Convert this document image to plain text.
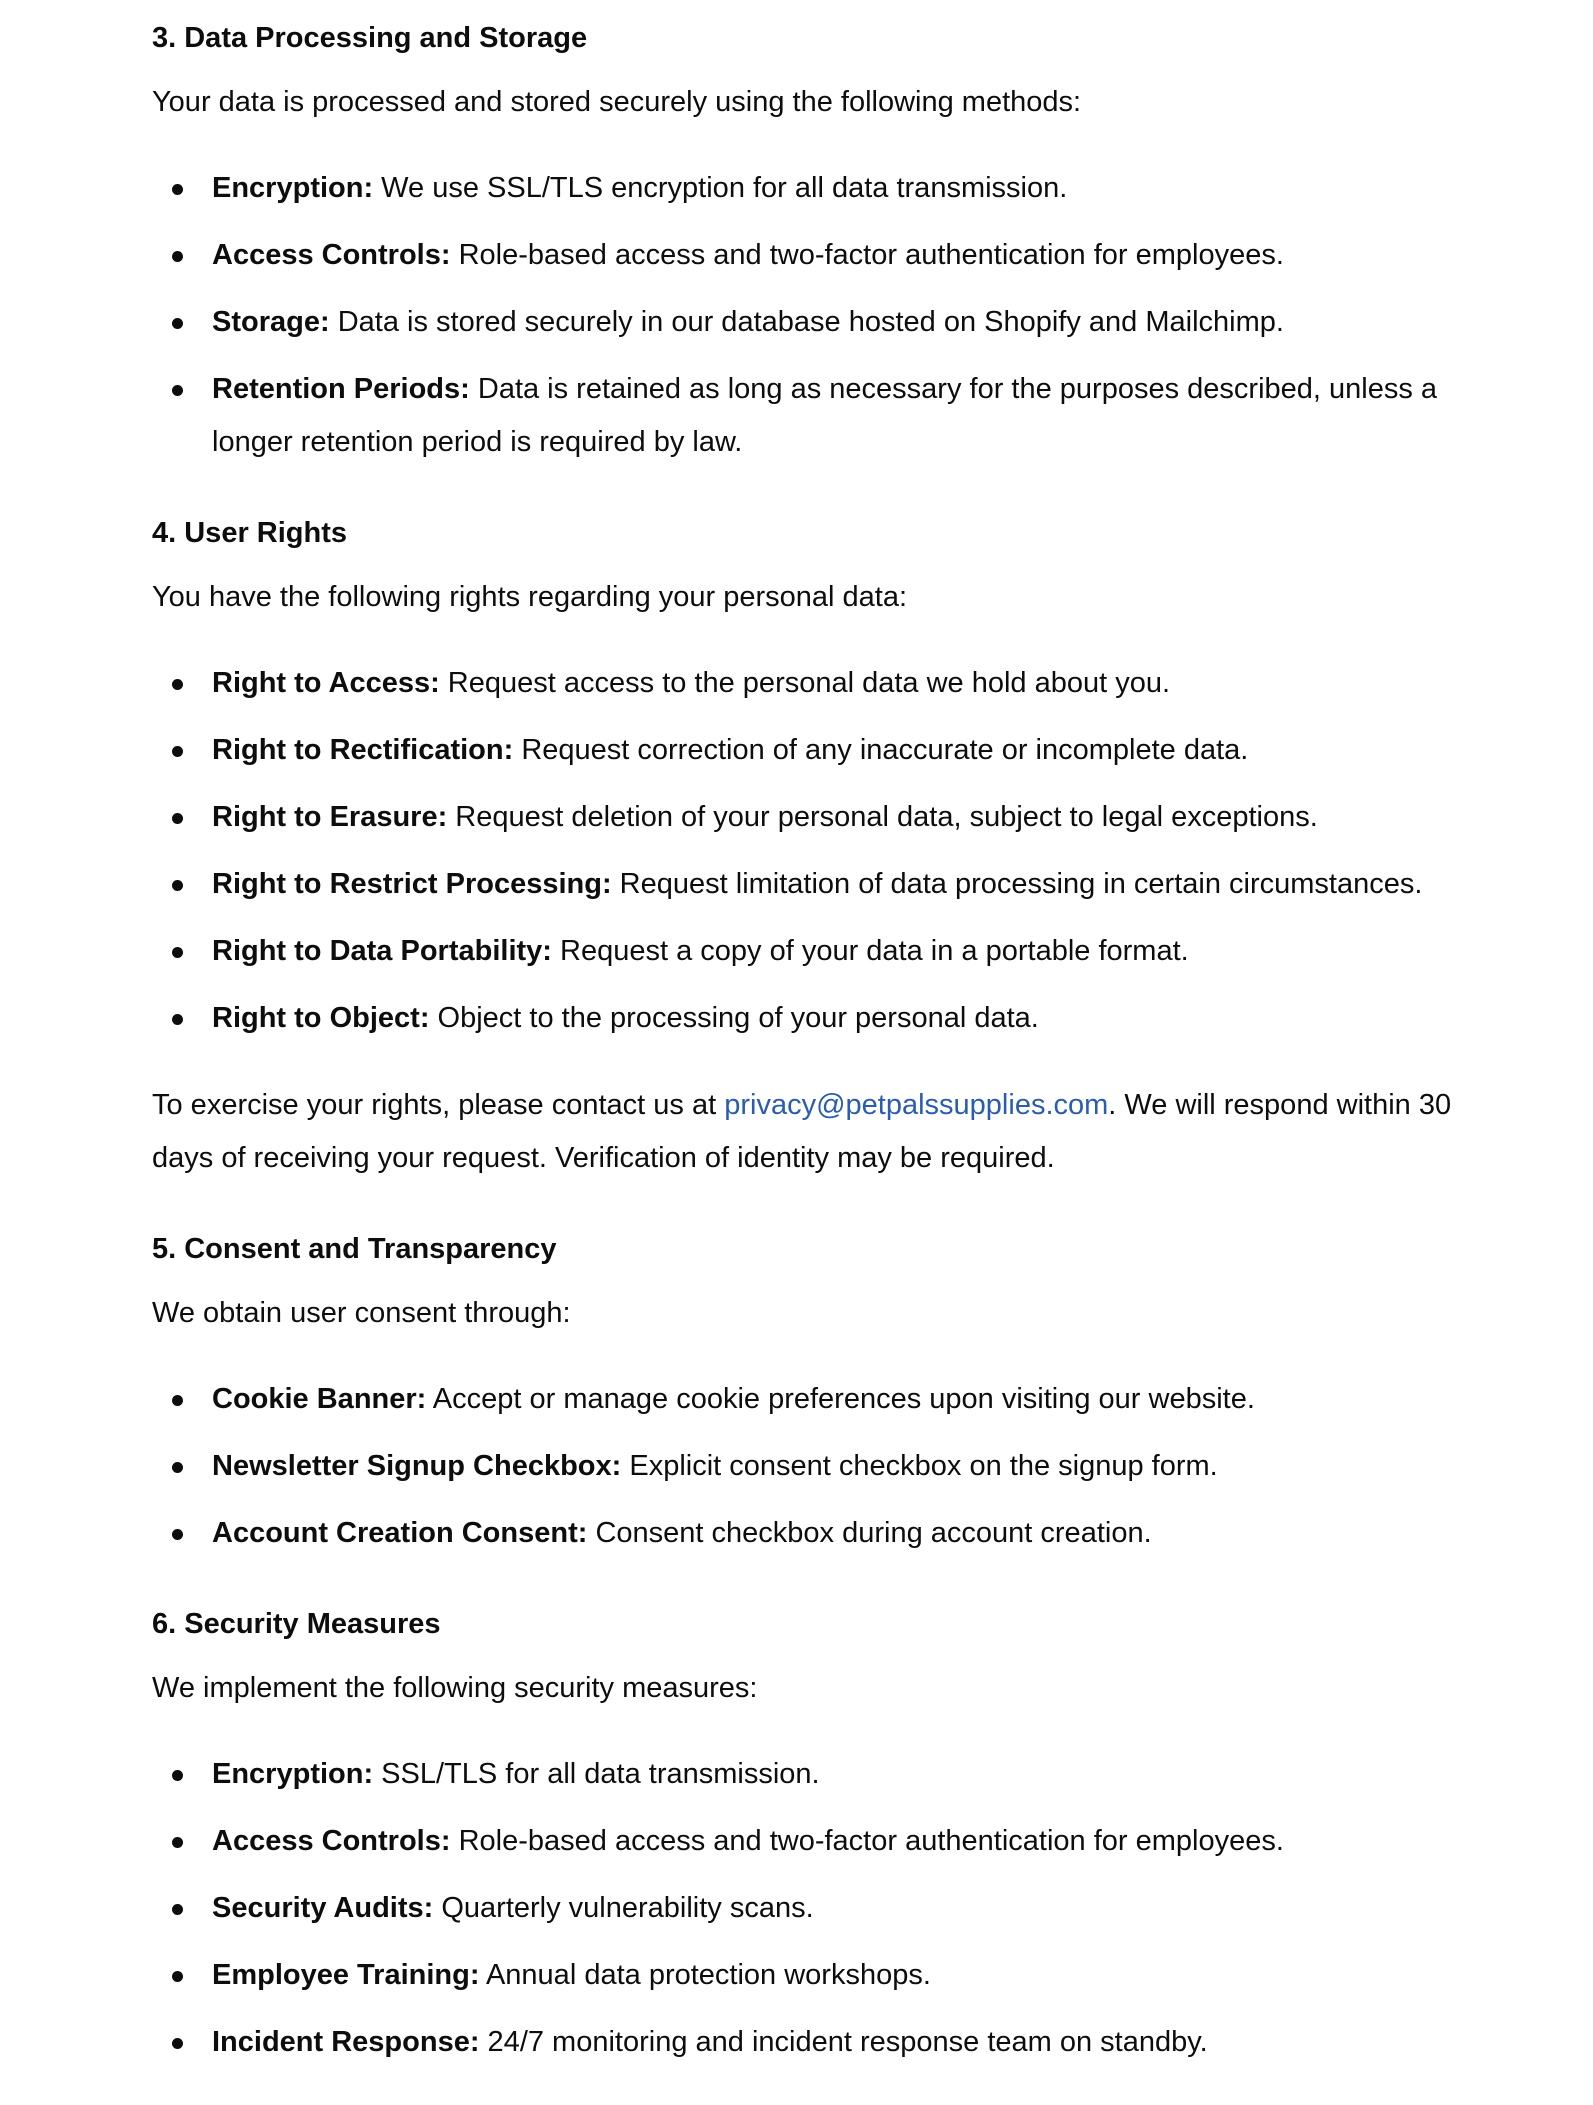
3. Data Processing and Storage

Your data is processed and stored securely using the following methods:

Encryption: We use SSL/TLS encryption for all data transmission.
Access Controls: Role-based access and two-factor authentication for employees.
Storage: Data is stored securely in our database hosted on Shopify and Mailchimp.
Retention Periods: Data is retained as long as necessary for the purposes described, unless a longer retention period is required by law.
4. User Rights

You have the following rights regarding your personal data:

Right to Access: Request access to the personal data we hold about you.
Right to Rectification: Request correction of any inaccurate or incomplete data.
Right to Erasure: Request deletion of your personal data, subject to legal exceptions.
Right to Restrict Processing: Request limitation of data processing in certain circumstances.
Right to Data Portability: Request a copy of your data in a portable format.
Right to Object: Object to the processing of your personal data.

To exercise your rights, please contact us at privacy@petpalssupplies.com. We will respond within 30 days of receiving your request. Verification of identity may be required.

5. Consent and Transparency

We obtain user consent through:

Cookie Banner: Accept or manage cookie preferences upon visiting our website.
Newsletter Signup Checkbox: Explicit consent checkbox on the signup form.
Account Creation Consent: Consent checkbox during account creation.
6. Security Measures

We implement the following security measures:

Encryption: SSL/TLS for all data transmission.
Access Controls: Role-based access and two-factor authentication for employees.
Security Audits: Quarterly vulnerability scans.
Employee Training: Annual data protection workshops.
Incident Response: 24/7 monitoring and incident response team on standby.
